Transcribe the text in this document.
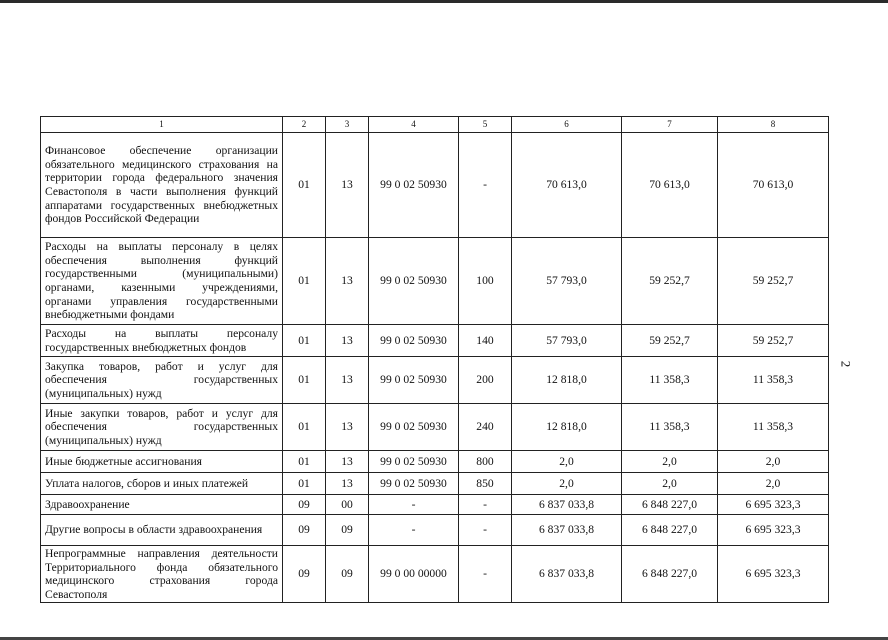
2
1	2	3	4	5	6	7	8
Финансовое обеспечение организации обязательного медицинского страхования на территории города федерального значения Севастополя в части выполнения функций аппаратами государственных внебюджетных фондов Российской Федерации	01	13	99 0 02 50930	-	70 613,0	70 613,0	70 613,0
Расходы на выплаты персоналу в целях обеспечения выполнения функций государственными (муниципальными) органами, казенными учреждениями, органами управления государственными внебюджетными фондами	01	13	99 0 02 50930	100	57 793,0	59 252,7	59 252,7
Расходы на выплаты персоналу государственных внебюджетных фондов	01	13	99 0 02 50930	140	57 793,0	59 252,7	59 252,7
Закупка товаров, работ и услуг для обеспечения государственных (муниципальных) нужд	01	13	99 0 02 50930	200	12 818,0	11 358,3	11 358,3
Иные закупки товаров, работ и услуг для обеспечения государственных (муниципальных) нужд	01	13	99 0 02 50930	240	12 818,0	11 358,3	11 358,3
Иные бюджетные ассигнования	01	13	99 0 02 50930	800	2,0	2,0	2,0
Уплата налогов, сборов и иных платежей	01	13	99 0 02 50930	850	2,0	2,0	2,0
Здравоохранение	09	00	-	-	6 837 033,8	6 848 227,0	6 695 323,3
Другие вопросы в области здравоохранения	09	09	-	-	6 837 033,8	6 848 227,0	6 695 323,3
Непрограммные направления деятельности Территориального фонда обязательного медицинского страхования города Севастополя	09	09	99 0 00 00000	-	6 837 033,8	6 848 227,0	6 695 323,3
